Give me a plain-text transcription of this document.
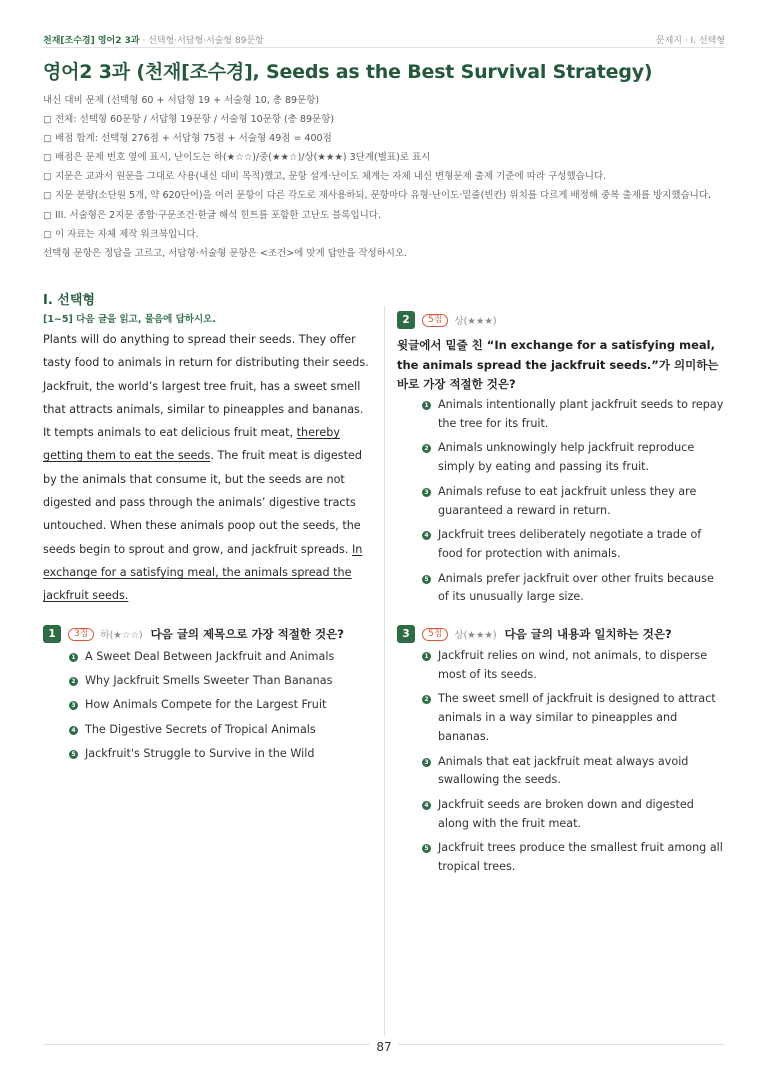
천재[조수경] 영어2 3과 · 선택형·서답형·서술형 89문항	문제지 · I. 선택형
영어2 3과 (천재[조수경], Seeds as the Best Survival Strategy)
내신 대비 문제 (선택형 60 + 서답형 19 + 서술형 10, 총 89문항)
▢ 전체: 선택형 60문항 / 서답형 19문항 / 서술형 10문항 (총 89문항)
▢ 배점 합계: 선택형 276점 + 서답형 75점 + 서술형 49점 = 400점
▢ 배점은 문제 번호 옆에 표시, 난이도는 하(★☆☆)/중(★★☆)/상(★★★) 3단계(별표)로 표시
▢ 지문은 교과서 원문을 그대로 사용(내신 대비 목적)했고, 문항 설계·난이도 체계는 자체 내신 변형문제 출제 기준에 따라 구성했습니다.
▢ 지문 분량(소단원 5개, 약 620단어)을 여러 문항이 다른 각도로 재사용하되, 문항마다 유형·난이도·밑줄(빈칸) 위치를 다르게 배정해 중복 출제를 방지했습니다.
▢ III. 서술형은 2지문 종합·구문조건·한글 해석 힌트를 포함한 고난도 블록입니다.
▢ 이 자료는 자체 제작 워크북입니다.
선택형 문항은 정답을 고르고, 서답형·서술형 문항은 <조건>에 맞게 답안을 작성하시오.
I. 선택형
[1~5] 다음 글을 읽고, 물음에 답하시오.
Plants will do anything to spread their seeds. They offer tasty food to animals in return for distributing their seeds. Jackfruit, the world’s largest tree fruit, has a sweet smell that attracts animals, similar to pineapples and bananas. It tempts animals to eat delicious fruit meat, thereby getting them to eat the seeds. The fruit meat is digested by the animals that consume it, but the seeds are not digested and pass through the animals’ digestive tracts untouched. When these animals poop out the seeds, the seeds begin to sprout and grow, and jackfruit spreads. In exchange for a satisfying meal, the animals spread the jackfruit seeds.
1	3점	하(★☆☆) 다음 글의 제목으로 가장 적절한 것은?
1 A Sweet Deal Between Jackfruit and Animals
2 Why Jackfruit Smells Sweeter Than Bananas
3 How Animals Compete for the Largest Fruit
4 The Digestive Secrets of Tropical Animals
5 Jackfruit's Struggle to Survive in the Wild
2	5점	상(★★★)
윗글에서 밑줄 친 “In exchange for a satisfying meal, the animals spread the jackfruit seeds.”가 의미하는 바로 가장 적절한 것은?
1 Animals intentionally plant jackfruit seeds to repay the tree for its fruit.
2 Animals unknowingly help jackfruit reproduce simply by eating and passing its fruit.
3 Animals refuse to eat jackfruit unless they are guaranteed a reward in return.
4 Jackfruit trees deliberately negotiate a trade of food for protection with animals.
5 Animals prefer jackfruit over other fruits because of its unusually large size.
3	5점	상(★★★) 다음 글의 내용과 일치하는 것은?
1 Jackfruit relies on wind, not animals, to disperse most of its seeds.
2 The sweet smell of jackfruit is designed to attract animals in a way similar to pineapples and bananas.
3 Animals that eat jackfruit meat always avoid swallowing the seeds.
4 Jackfruit seeds are broken down and digested along with the fruit meat.
5 Jackfruit trees produce the smallest fruit among all tropical trees.
87
